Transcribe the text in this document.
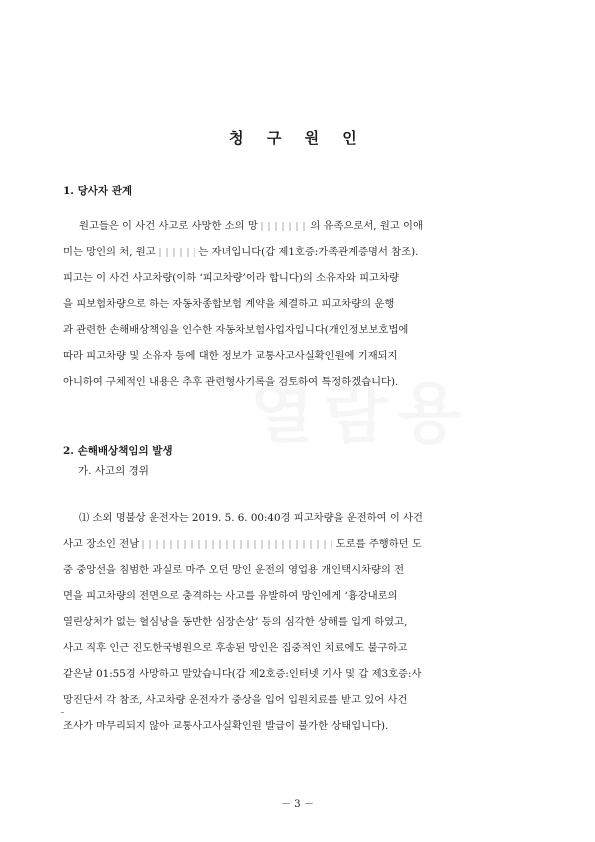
청 구 원 인
1. 당사자 관계
원고들은 이 사건 사고로 사망한 소의 망	의 유족으로서, 원고 이애
미는 망인의 처, 원고	는 자녀입니다(갑 제1호증:가족관계증명서 참조).
피고는 이 사건 사고차량(이하 ‘피고차량’이라 합니다)의 소유자와 피고차량
을 피보험차량으로 하는 자동차종합보험 계약을 체결하고 피고차량의 운행
과 관련한 손해배상책임을 인수한 자동차보험사업자입니다(개인정보보호법에
따라 피고차량 및 소유자 등에 대한 정보가 교통사고사실확인원에 기재되지
아니하여 구체적인 내용은 추후 관련형사기록을 검토하여 특정하겠습니다).
2. 손해배상책임의 발생
가. 사고의 경위
⑴ 소외 명불상 운전자는 2019. 5. 6. 00:40경 피고차량을 운전하여 이 사건
사고 장소인 전남	도로를 주행하던 도
중 중앙선을 침범한 과실로 마주 오던 망인 운전의 영업용 개인택시차량의 전
면을 피고차량의 전면으로 충격하는 사고를 유발하여 망인에게 ‘흉강내로의
열린상처가 없는 혈심낭을 동반한 심장손상’ 등의 심각한 상해를 입게 하였고,
사고 직후 인근 진도한국병원으로 후송된 망인은 집중적인 치료에도 불구하고
같은날 01:55경 사망하고 말았습니다(갑 제2호증:인터넷 기사 및 갑 제3호증:사
망진단서 각 참조, 사고차량 운전자가 중상을 입어 입원치료를 받고 있어 사건
조사가 마무리되지 않아 교통사고사실확인원 발급이 불가한 상태입니다).
－ 3 －
